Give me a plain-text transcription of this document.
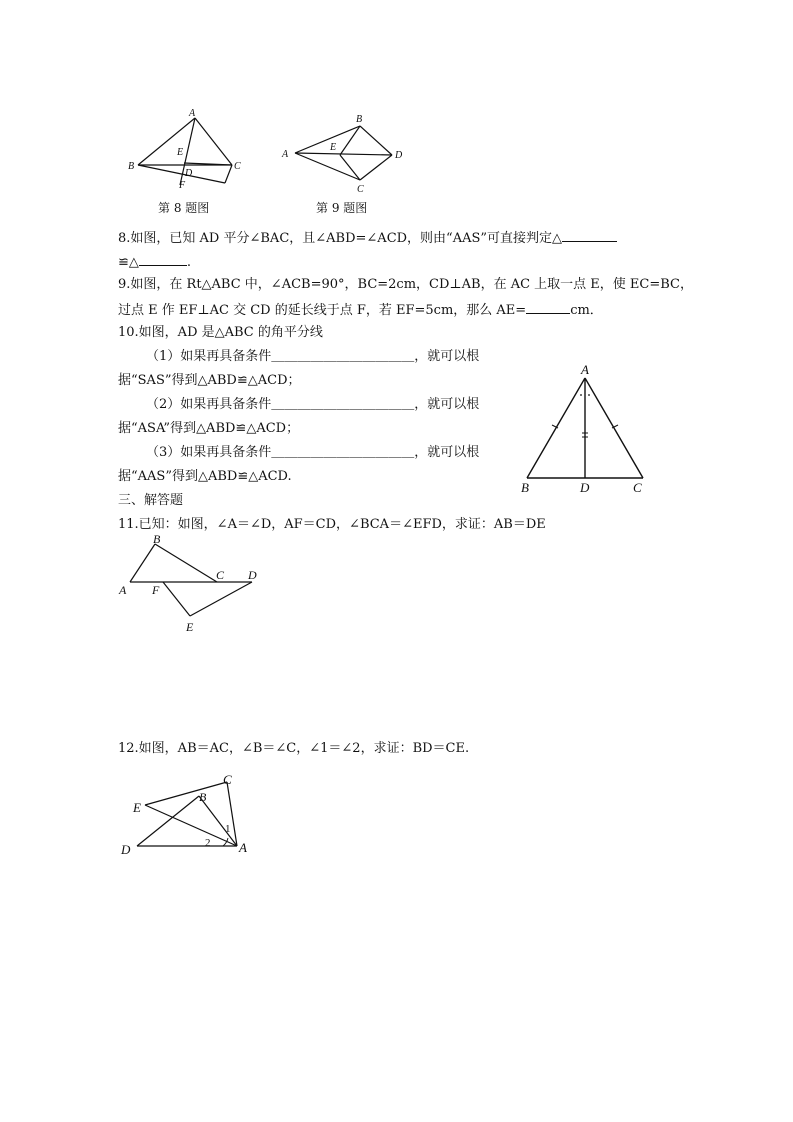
A
B	C
E
D
F
第 8 题图
B
A
E
D
C
第 9 题图
8.如图，已知 AD 平分∠BAC，且∠ABD=∠ACD，则由“AAS”可直接判定△
≌△	.
9.如图，在 Rt△ABC 中，∠ACB=90°，BC=2cm，CD⊥AB，在 AC 上取一点 E，使 EC=BC，
过点 E 作 EF⊥AC 交 CD 的延长线于点 F，若 EF=5cm，那么 AE=	cm．
10.如图，AD 是△ABC 的角平分线
（1）如果再具备条件＿＿＿＿＿＿＿＿＿＿＿，就可以根
据“SAS”得到△ABD≌△ACD；
（2）如果再具备条件＿＿＿＿＿＿＿＿＿＿＿，就可以根
据“ASA”得到△ABD≌△ACD；
（3）如果再具备条件＿＿＿＿＿＿＿＿＿＿＿，就可以根
据“AAS”得到△ABD≌△ACD.
A
B	D	C
三、解答题
11.已知：如图，∠A＝∠D，AF＝CD，∠BCA＝∠EFD，求证：AB＝DE
B
A F
C D
E
12.如图，AB＝AC，∠B＝∠C，∠1＝∠2，求证：BD＝CE.
C
E
B
D	A
1
2
